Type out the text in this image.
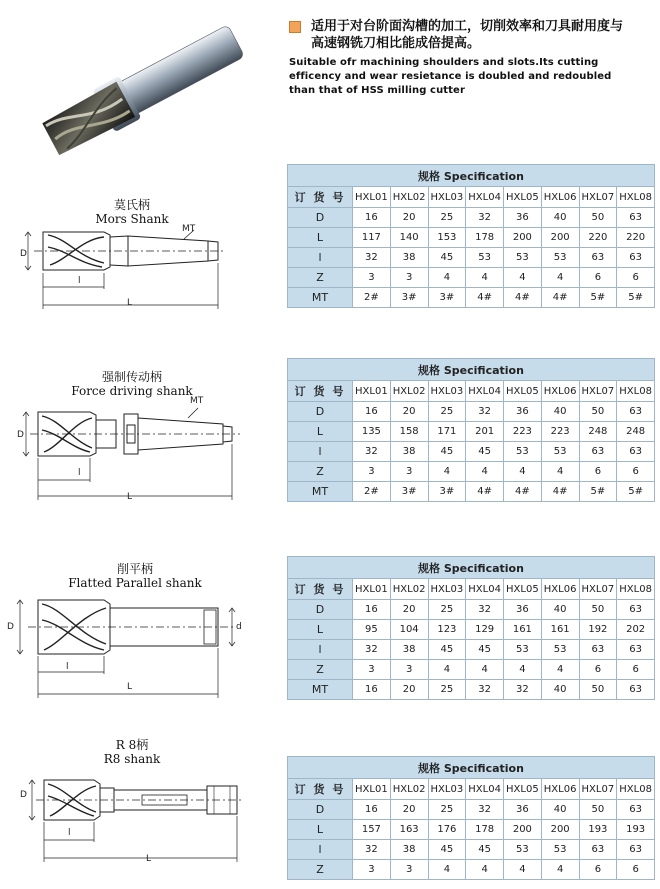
适用于对台阶面沟槽的加工，切削效率和刀具耐用度与高速钢铣刀相比能成倍提高。
Suitable ofr machining shoulders and slots.Its cutting efficency and wear resietance is doubled and redoubled than that of HSS milling cutter
莫氏柄
Mors Shank
MT
D
l
L
规格 Specification								
订 货 号	HXL01	HXL02	HXL03	HXL04	HXL05	HXL06	HXL07	HXL08
D	16	20	25	32	36	40	50	63
L	117	140	153	178	200	200	220	220
l	32	38	45	53	53	53	63	63
Z	3	3	4	4	4	4	6	6
MT	2#	3#	3#	4#	4#	4#	5#	5#
强制传动柄
Force driving shank
MT
D
l
L
规格 Specification								
订 货 号	HXL01	HXL02	HXL03	HXL04	HXL05	HXL06	HXL07	HXL08
D	16	20	25	32	36	40	50	63
L	135	158	171	201	223	223	248	248
l	32	38	45	45	53	53	63	63
Z	3	3	4	4	4	4	6	6
MT	2#	3#	3#	4#	4#	4#	5#	5#
削平柄
Flatted Parallel shank
D	d
l
L
规格 Specification								
订 货 号	HXL01	HXL02	HXL03	HXL04	HXL05	HXL06	HXL07	HXL08
D	16	20	25	32	36	40	50	63
L	95	104	123	129	161	161	192	202
l	32	38	45	45	53	53	63	63
Z	3	3	4	4	4	4	6	6
MT	16	20	25	32	32	40	50	63
R 8柄
R8 shank
D
l
L
规格 Specification								
订 货 号	HXL01	HXL02	HXL03	HXL04	HXL05	HXL06	HXL07	HXL08
D	16	20	25	32	36	40	50	63
L	157	163	176	178	200	200	193	193
l	32	38	45	45	53	53	63	63
Z	3	3	4	4	4	4	6	6
